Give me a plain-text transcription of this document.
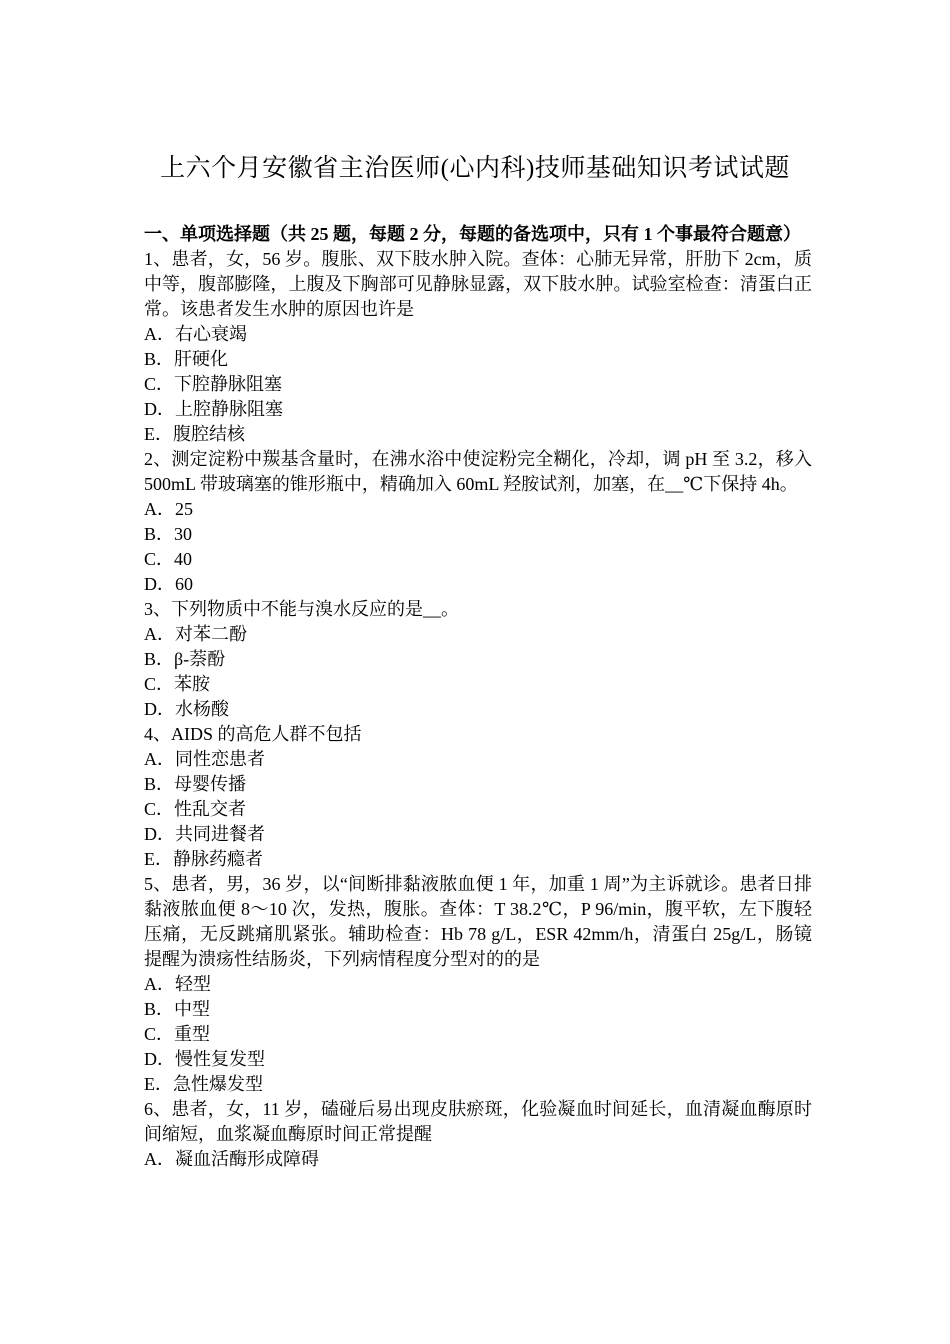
上六个月安徽省主治医师(心内科)技师基础知识考试试题

一、单项选择题（共 25 题，每题 2 分，每题的备选项中，只有 1 个事最符合题意）

1、患者，女，56 岁。腹胀、双下肢水肿入院。查体：心肺无异常，肝肋下 2cm，质中等，腹部膨隆，上腹及下胸部可见静脉显露，双下肢水肿。试验室检查：清蛋白正常。该患者发生水肿的原因也许是

A．右心衰竭

B．肝硬化

C．下腔静脉阻塞

D．上腔静脉阻塞

E．腹腔结核

2、测定淀粉中羰基含量时，在沸水浴中使淀粉完全糊化，冷却，调 pH 至 3.2，移入 500mL 带玻璃塞的锥形瓶中，精确加入 60mL 羟胺试剂，加塞，在__℃下保持 4h。

A．25

B．30

C．40

D．60

3、下列物质中不能与溴水反应的是__。

A．对苯二酚

B．β-萘酚

C．苯胺

D．水杨酸

4、AIDS 的高危人群不包括

A．同性恋患者

B．母婴传播

C．性乱交者

D．共同进餐者

E．静脉药瘾者

5、患者，男，36 岁，以“间断排黏液脓血便 1 年，加重 1 周”为主诉就诊。患者日排黏液脓血便 8～10 次，发热，腹胀。查体：T 38.2℃，P 96/min，腹平软，左下腹轻压痛，无反跳痛肌紧张。辅助检查：Hb 78 g/L，ESR 42mm/h，清蛋白 25g/L，肠镜提醒为溃疡性结肠炎，下列病情程度分型对的的是

A．轻型

B．中型

C．重型

D．慢性复发型

E．急性爆发型

6、患者，女，11 岁，磕碰后易出现皮肤瘀斑，化验凝血时间延长，血清凝血酶原时间缩短，血浆凝血酶原时间正常提醒

A．凝血活酶形成障碍
